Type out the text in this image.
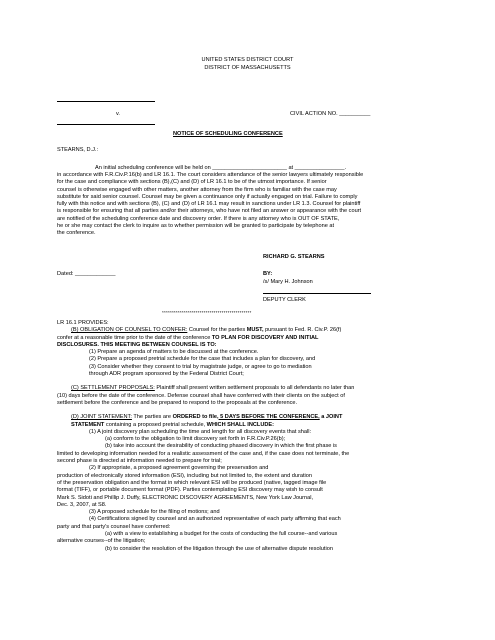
UNITED STATES DISTRICT COURT
DISTRICT OF MASSACHUSETTS
v.	CIVIL ACTION NO. __________
NOTICE OF SCHEDULING CONFERENCE
STEARNS, D.J.:
An initial scheduling conference will be held on ________________________ at ________________.

in accordance with F.R.Civ.P.16(b) and LR 16.1. The court considers attendance of the senior lawyers ultimately responsible

for the case and compliance with sections (B),(C) and (D) of LR 16.1 to be of the utmost importance. If senior

counsel is otherwise engaged with other matters, another attorney from the firm who is familiar with the case may

substitute for said senior counsel. Counsel may be given a continuance only if actually engaged on trial. Failure to comply

fully with this notice and with sections (B), (C) and (D) of LR 16.1 may result in sanctions under LR 1.3. Counsel for plaintiff

is responsible for ensuring that all parties and/or their attorneys, who have not filed an answer or appearance with the court

are notified of the scheduling conference date and discovery order. If there is any attorney who is OUT OF STATE,

he or she may contact the clerk to inquire as to whether permission will be granted to participate by telephone at

the conference.

RICHARD G. STEARNS
Dated: _____________	BY:
/s/ Mary H. Johnson
DEPUTY CLERK
*********************************************

LR 16.1 PROVIDES:

(B) OBLIGATION OF COUNSEL TO CONFER: Counsel for the parties MUST, pursuant to Fed. R. Civ.P. 26(f)

confer at a reasonable time prior to the date of the conference TO PLAN FOR DISCOVERY AND INITIAL

DISCLOSURES. THIS MEETING BETWEEN COUNSEL IS TO:

(1) Prepare an agenda of matters to be discussed at the conference.

(2) Prepare a proposed pretrial schedule for the case that includes a plan for discovery, and

(3) Consider whether they consent to trial by magistrate judge, or agree to go to mediation

through ADR program sponsored by the Federal District Court;

(C) SETTLEMENT PROPOSALS: Plaintiff shall present written settlement proposals to all defendants no later than

(10) days before the date of the conference. Defense counsel shall have conferred with their clients on the subject of

settlement before the conference and be prepared to respond to the proposals at the conference.

(D) JOINT STATEMENT: The parties are ORDERED to file, 5 DAYS BEFORE THE CONFERENCE, a JOINT

STATEMENT containing a proposed pretrial schedule, WHICH SHALL INCLUDE:

(1) A joint discovery plan scheduling the time and length for all discovery events that shall:

(a) conform to the obligation to limit discovery set forth in F.R.Civ.P.26(b);

(b) take into account the desirability of conducting phased discovery in which the first phase is

limited to developing information needed for a realistic assessment of the case and, if the case does not terminate, the

second phase is directed at information needed to prepare for trial;

(2) If appropriate, a proposed agreement governing the preservation and

production of electronically stored information (ESI), including but not limited to, the extent and duration

of the preservation obligation and the format in which relevant ESI will be produced (native, tagged image file

format (TIFF), or portable document format (PDF). Parties contemplating ESI discovery may wish to consult

Mark S. Sidoti and Phillip J. Duffy, ELECTRONIC DISCOVERY AGREEMENTS, New York Law Journal,

Dec. 3, 2007, at S8.

(3) A proposed schedule for the filing of motions; and

(4) Certifications signed by counsel and an authorized representative of each party affirming that each

party and that party's counsel have conferred:

(a) with a view to establishing a budget for the costs of conducting the full course--and various

alternative courses--of the litigation;

(b) to consider the resolution of the litigation through the use of alternative dispute resolution
